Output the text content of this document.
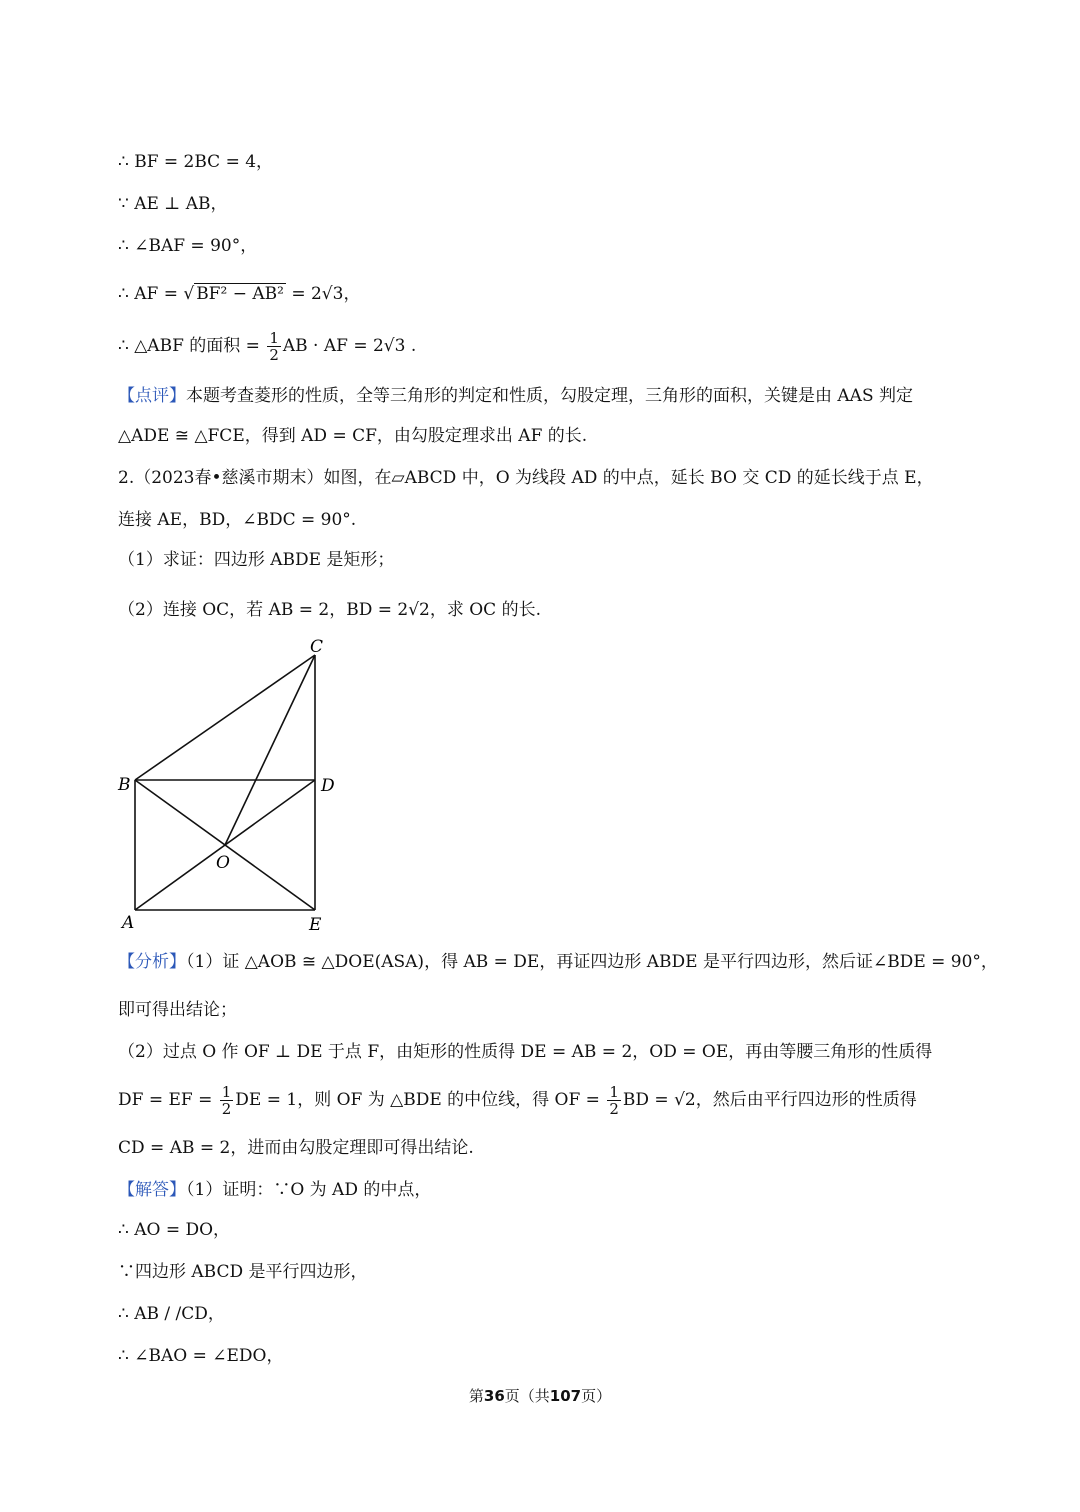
∴ BF = 2BC = 4，
∵ AE ⊥ AB，
∴ ∠BAF = 90°，
∴ AF = √ BF² − AB² = 2√3，
∴ △ABF 的面积 = $\frac{1}{2}$ AB · AF = 2√3 .
【点评】本题考查菱形的性质，全等三角形的判定和性质，勾股定理，三角形的面积，关键是由 AAS 判定
△ADE ≅ △FCE，得到 AD = CF，由勾股定理求出 AF 的长.
2.（2023春•慈溪市期末）如图，在▱ABCD 中，O 为线段 AD 的中点，延长 BO 交 CD 的延长线于点 E，
连接 AE，BD，∠BDC = 90°.
（1）求证：四边形 ABDE 是矩形；
（2）连接 OC，若 AB = 2，BD = 2√2，求 OC 的长.
C
B	D
O
A	E
【分析】（1）证 △AOB ≅ △DOE(ASA)，得 AB = DE，再证四边形 ABDE 是平行四边形，然后证∠BDE = 90°，
即可得出结论；
（2）过点 O 作 OF ⊥ DE 于点 F，由矩形的性质得 DE = AB = 2，OD = OE，再由等腰三角形的性质得
DF = EF = $\frac{1}{2}$ DE = 1，则 OF 为 △BDE 的中位线，得 OF = $\frac{1}{2}$ BD = √2，然后由平行四边形的性质得
CD = AB = 2，进而由勾股定理即可得出结论.
【解答】（1）证明：∵O 为 AD 的中点，
∴ AO = DO，
∵四边形 ABCD 是平行四边形，
∴ AB / /CD，
∴ ∠BAO = ∠EDO，
第36页（共107页）
